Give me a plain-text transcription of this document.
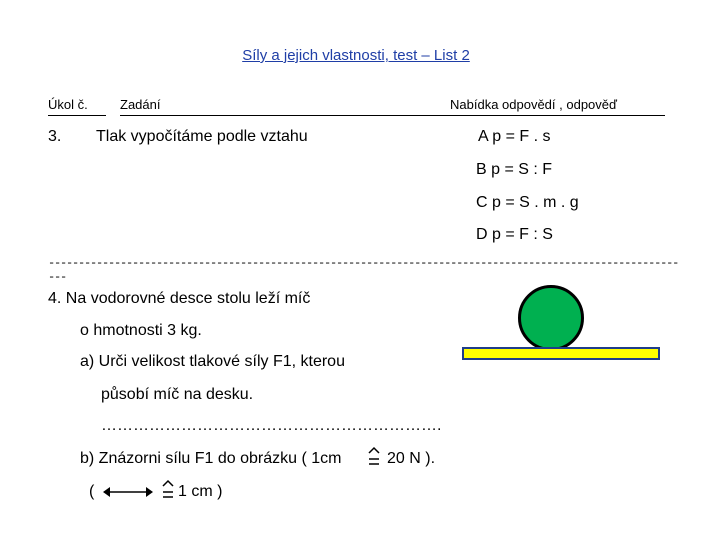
Síly a jejich vlastnosti, test – List 2
Úkol č. Zadání	Nabídka odpovědí , odpověď
3. Tlak vypočítáme podle vztahu	A p = F . s
B p = S : F
C p = S . m . g
D p = F : S
------------------------------------------------------------------------------------------------------------
4. Na vodorovné desce stolu leží míč
o hmotnosti 3 kg.
a) Urči velikost tlakové síly F1, kterou
působí míč na desku.
……………………………………………………….
b) Znázorni sílu F1 do obrázku ( 1cm	20 N ).
(	1 cm )
